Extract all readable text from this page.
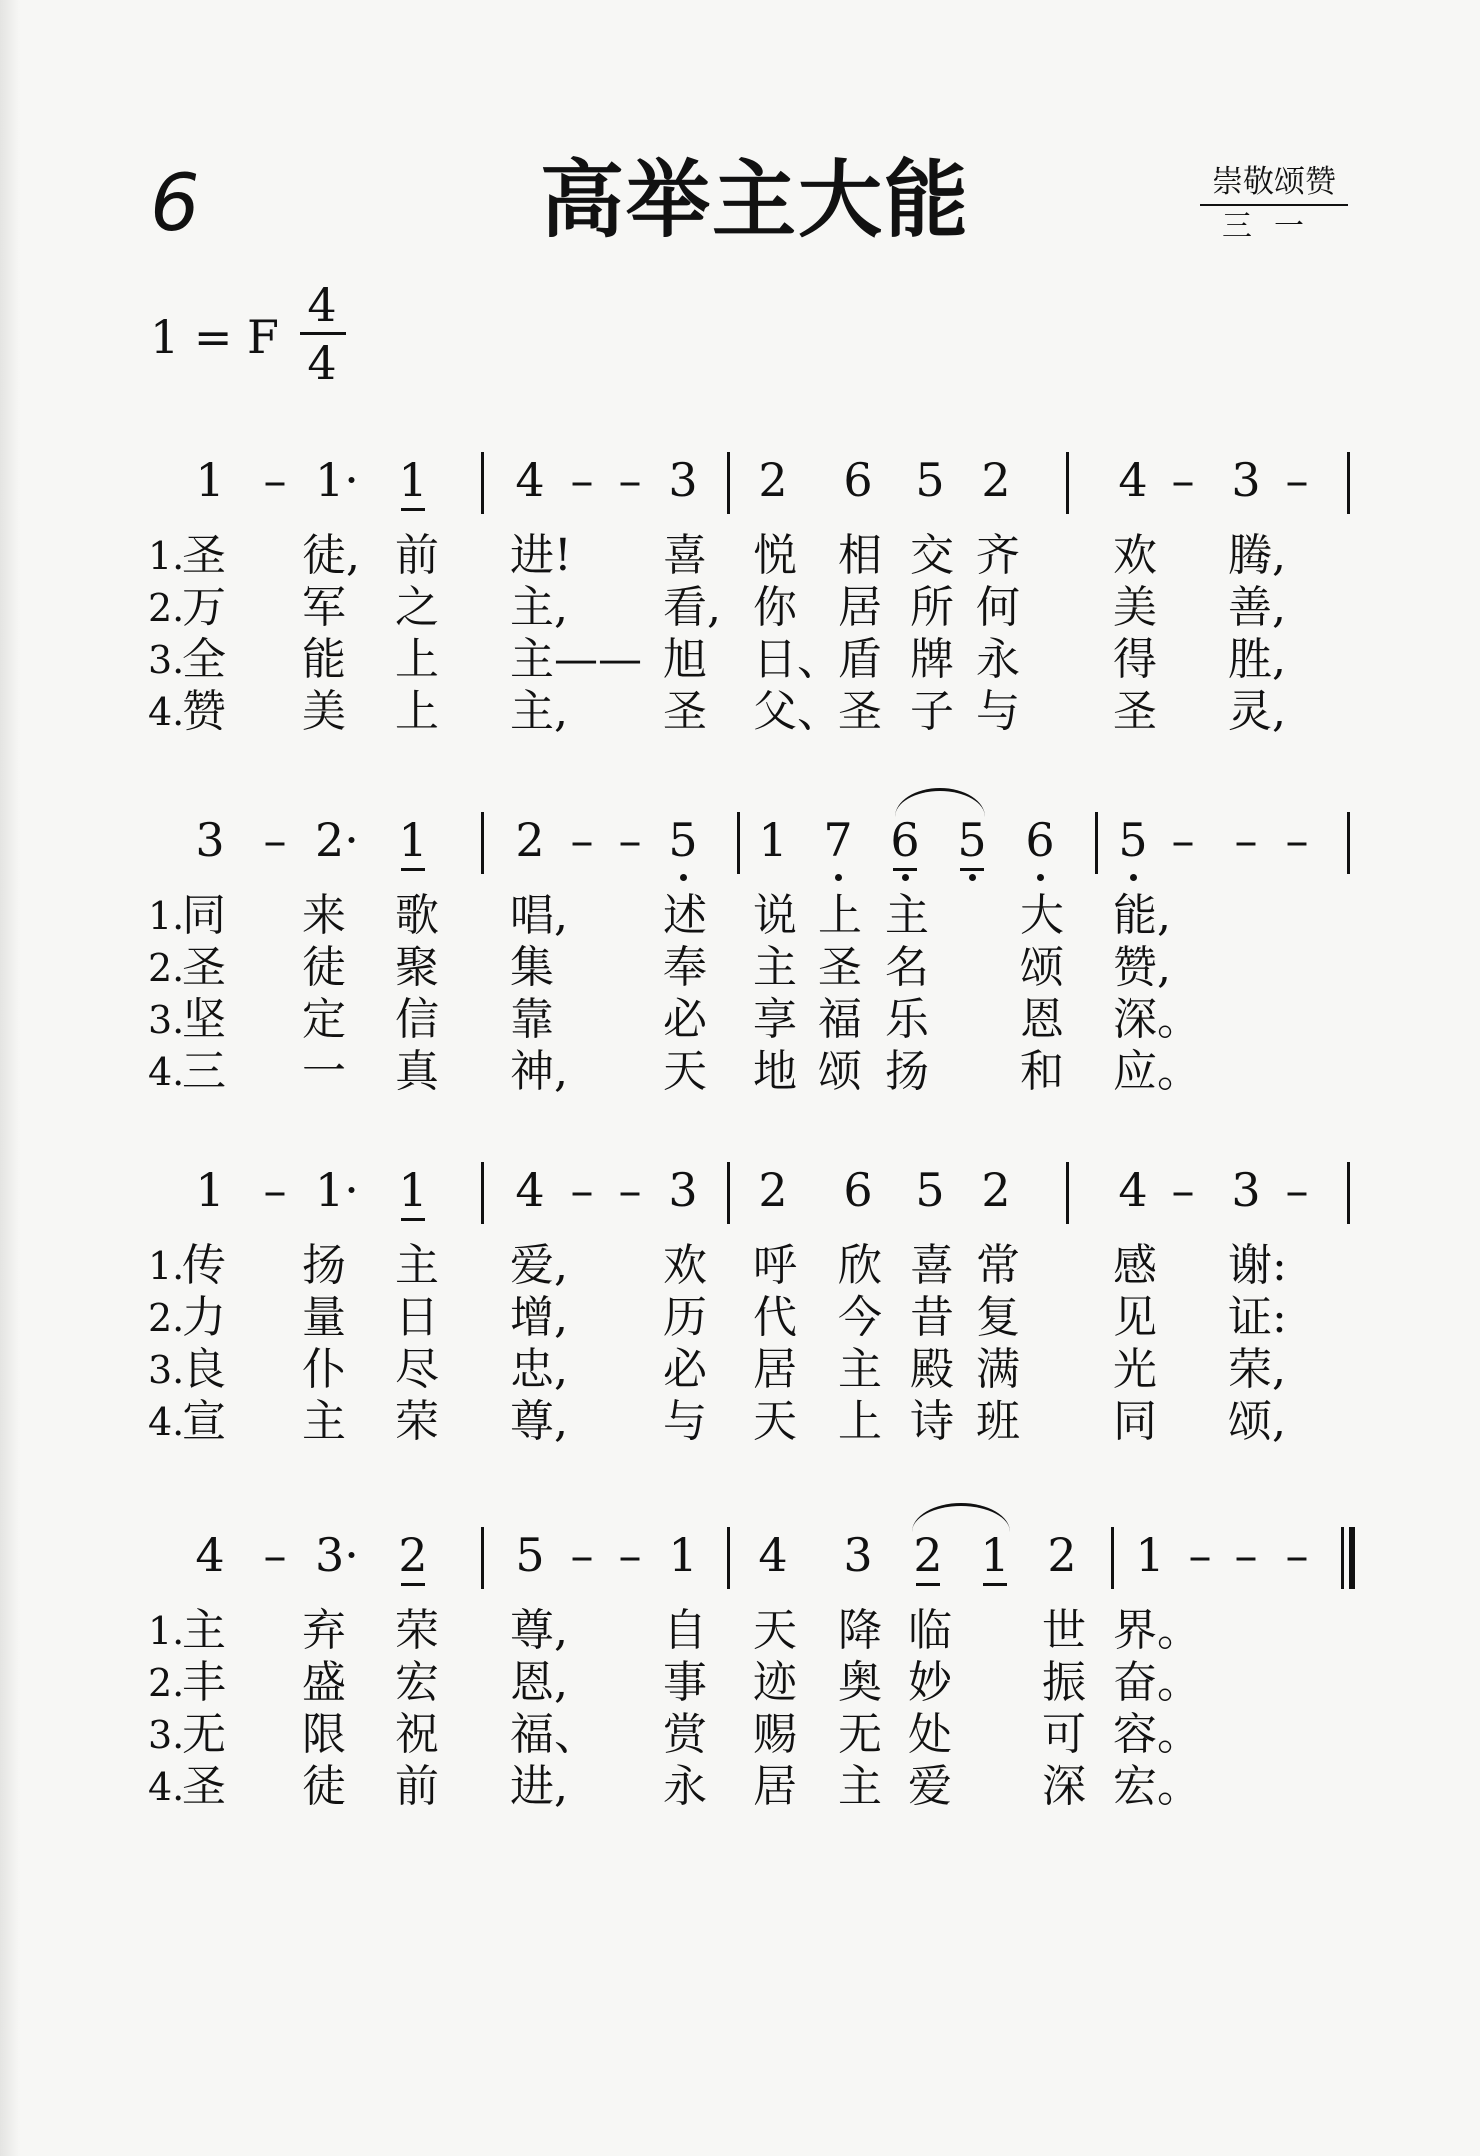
6	高举主大能	崇敬颂赞
三一
1 = F
4
4
1 – 1· 1 4 – – 3 2 6 5 2 4 – 3 –
1.
圣 徒, 前 进! 喜 悦 相 交 齐 欢 腾,
2.
万 军 之 主, 看, 你 居 所 何 美 善,
3.
全 能 上 主—— 旭 日、
盾 牌 永 得 胜,
4.
赞 美 上 主, 圣 父、
圣 子 与 圣 灵,
3 – 2· 1 2 – – 5 1 7 6 5 6 5 – – –
1.
同 来 歌 唱, 述 说 上 主 大 能,
2.
圣 徒 聚 集 奉 主 圣 名 颂 赞,
3.
坚 定 信 靠 必 享 福 乐 恩 深。
4.
三 一 真 神, 天 地 颂 扬 和 应。
1 – 1· 1 4 – – 3 2 6 5 2 4 – 3 –
1.
传 扬 主 爱, 欢 呼 欣 喜 常 感 谢:
2.
力 量 日 增, 历 代 今 昔 复 见 证:
3.
良 仆 尽 忠, 必 居 主 殿 满 光 荣,
4.
宣 主 荣 尊, 与 天 上 诗 班 同 颂,
4 – 3· 2 5 – – 1 4 3 2 1 2 1 – – –
1.
主 弃 荣 尊, 自 天 降 临 世 界。
2.
丰 盛 宏 恩, 事 迹 奥 妙 振 奋。
3.
无 限 祝 福、 赏 赐 无 处 可 容。
4.
圣 徒 前 进, 永 居 主 爱 深 宏。
